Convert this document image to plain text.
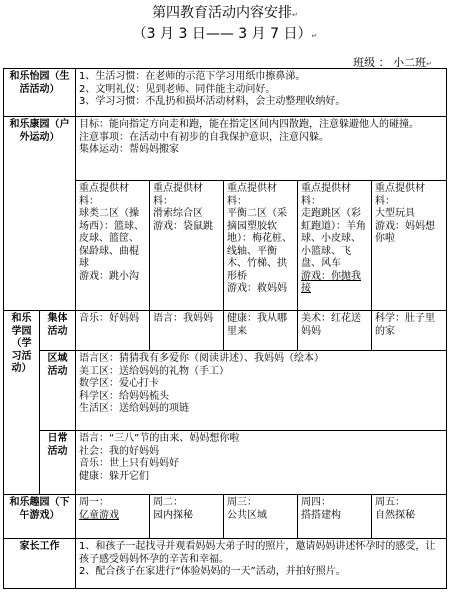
第四教育活动内容安排↵
（3 月 3 日—— 3 月 7 日）↵
班级 ： 小二班↵
和乐怡园（生活活动）		1、生活习惯：在老师的示范下学习用纸巾擦鼻涕。
2、文明礼仪：见到老师、同伴能主动问好。
3、学习习惯：不乱扔和损坏活动材料，会主动整理收纳好。				

和乐康园（户外运动）		目标：能向指定方向走和跑，能在指定区间内四散跑，注意躲避他人的碰撞。
注意事项：在活动中有初步的自我保护意识，注意闪躲。
集体运动：帮妈妈搬家				

		重点提供材料：
球类二区（操场西）：篮球、皮球、篮筐、保龄球、曲棍球
游戏：跳小沟	重点提供材料：
滑索综合区
游戏：袋鼠跳	重点提供材料：
平衡二区（采摘园塑胶软地）：梅花桩、线轴、平衡木、竹梯、拱形桥
游戏：救妈妈	重点提供材料：
走跑跳区（彩虹跑道）：羊角球、小皮球、小篮球、飞盘、风车
游戏：你抛我接	重点提供材料：
大型玩具
游戏：妈妈想你啦

和乐学园（学习活动）	集体活动	音乐：好妈妈	语言：我妈妈	健康：我从哪里来	美术：红花送妈妈	科学：肚子里的家

	区域活动	语言区：猜猜我有多爱你（阅读讲述）、我妈妈（绘本）
美工区：送给妈妈的礼物（手工）
数学区：爱心打卡
科学区：给妈妈梳头
生活区：送给妈妈的项链				

	日常活动	语言：“三八”节的由来、妈妈想你啦
社会：我的好妈妈
音乐：世上只有妈妈好
健康：躲开它们				

和乐趣园（下午游戏）		周一：
亿童游戏	周二：
园内探秘	周三：
公共区域	周四：
搭搭建构	周五：
自然探秘

家长工作		1、和孩子一起找寻并观看妈妈大弟子时的照片，邀请妈妈讲述怀孕时的感受，让孩子感受妈妈怀孕的辛苦和幸福。
2、配合孩子在家进行“体验妈妈的一天”活动，并拍好照片。				
